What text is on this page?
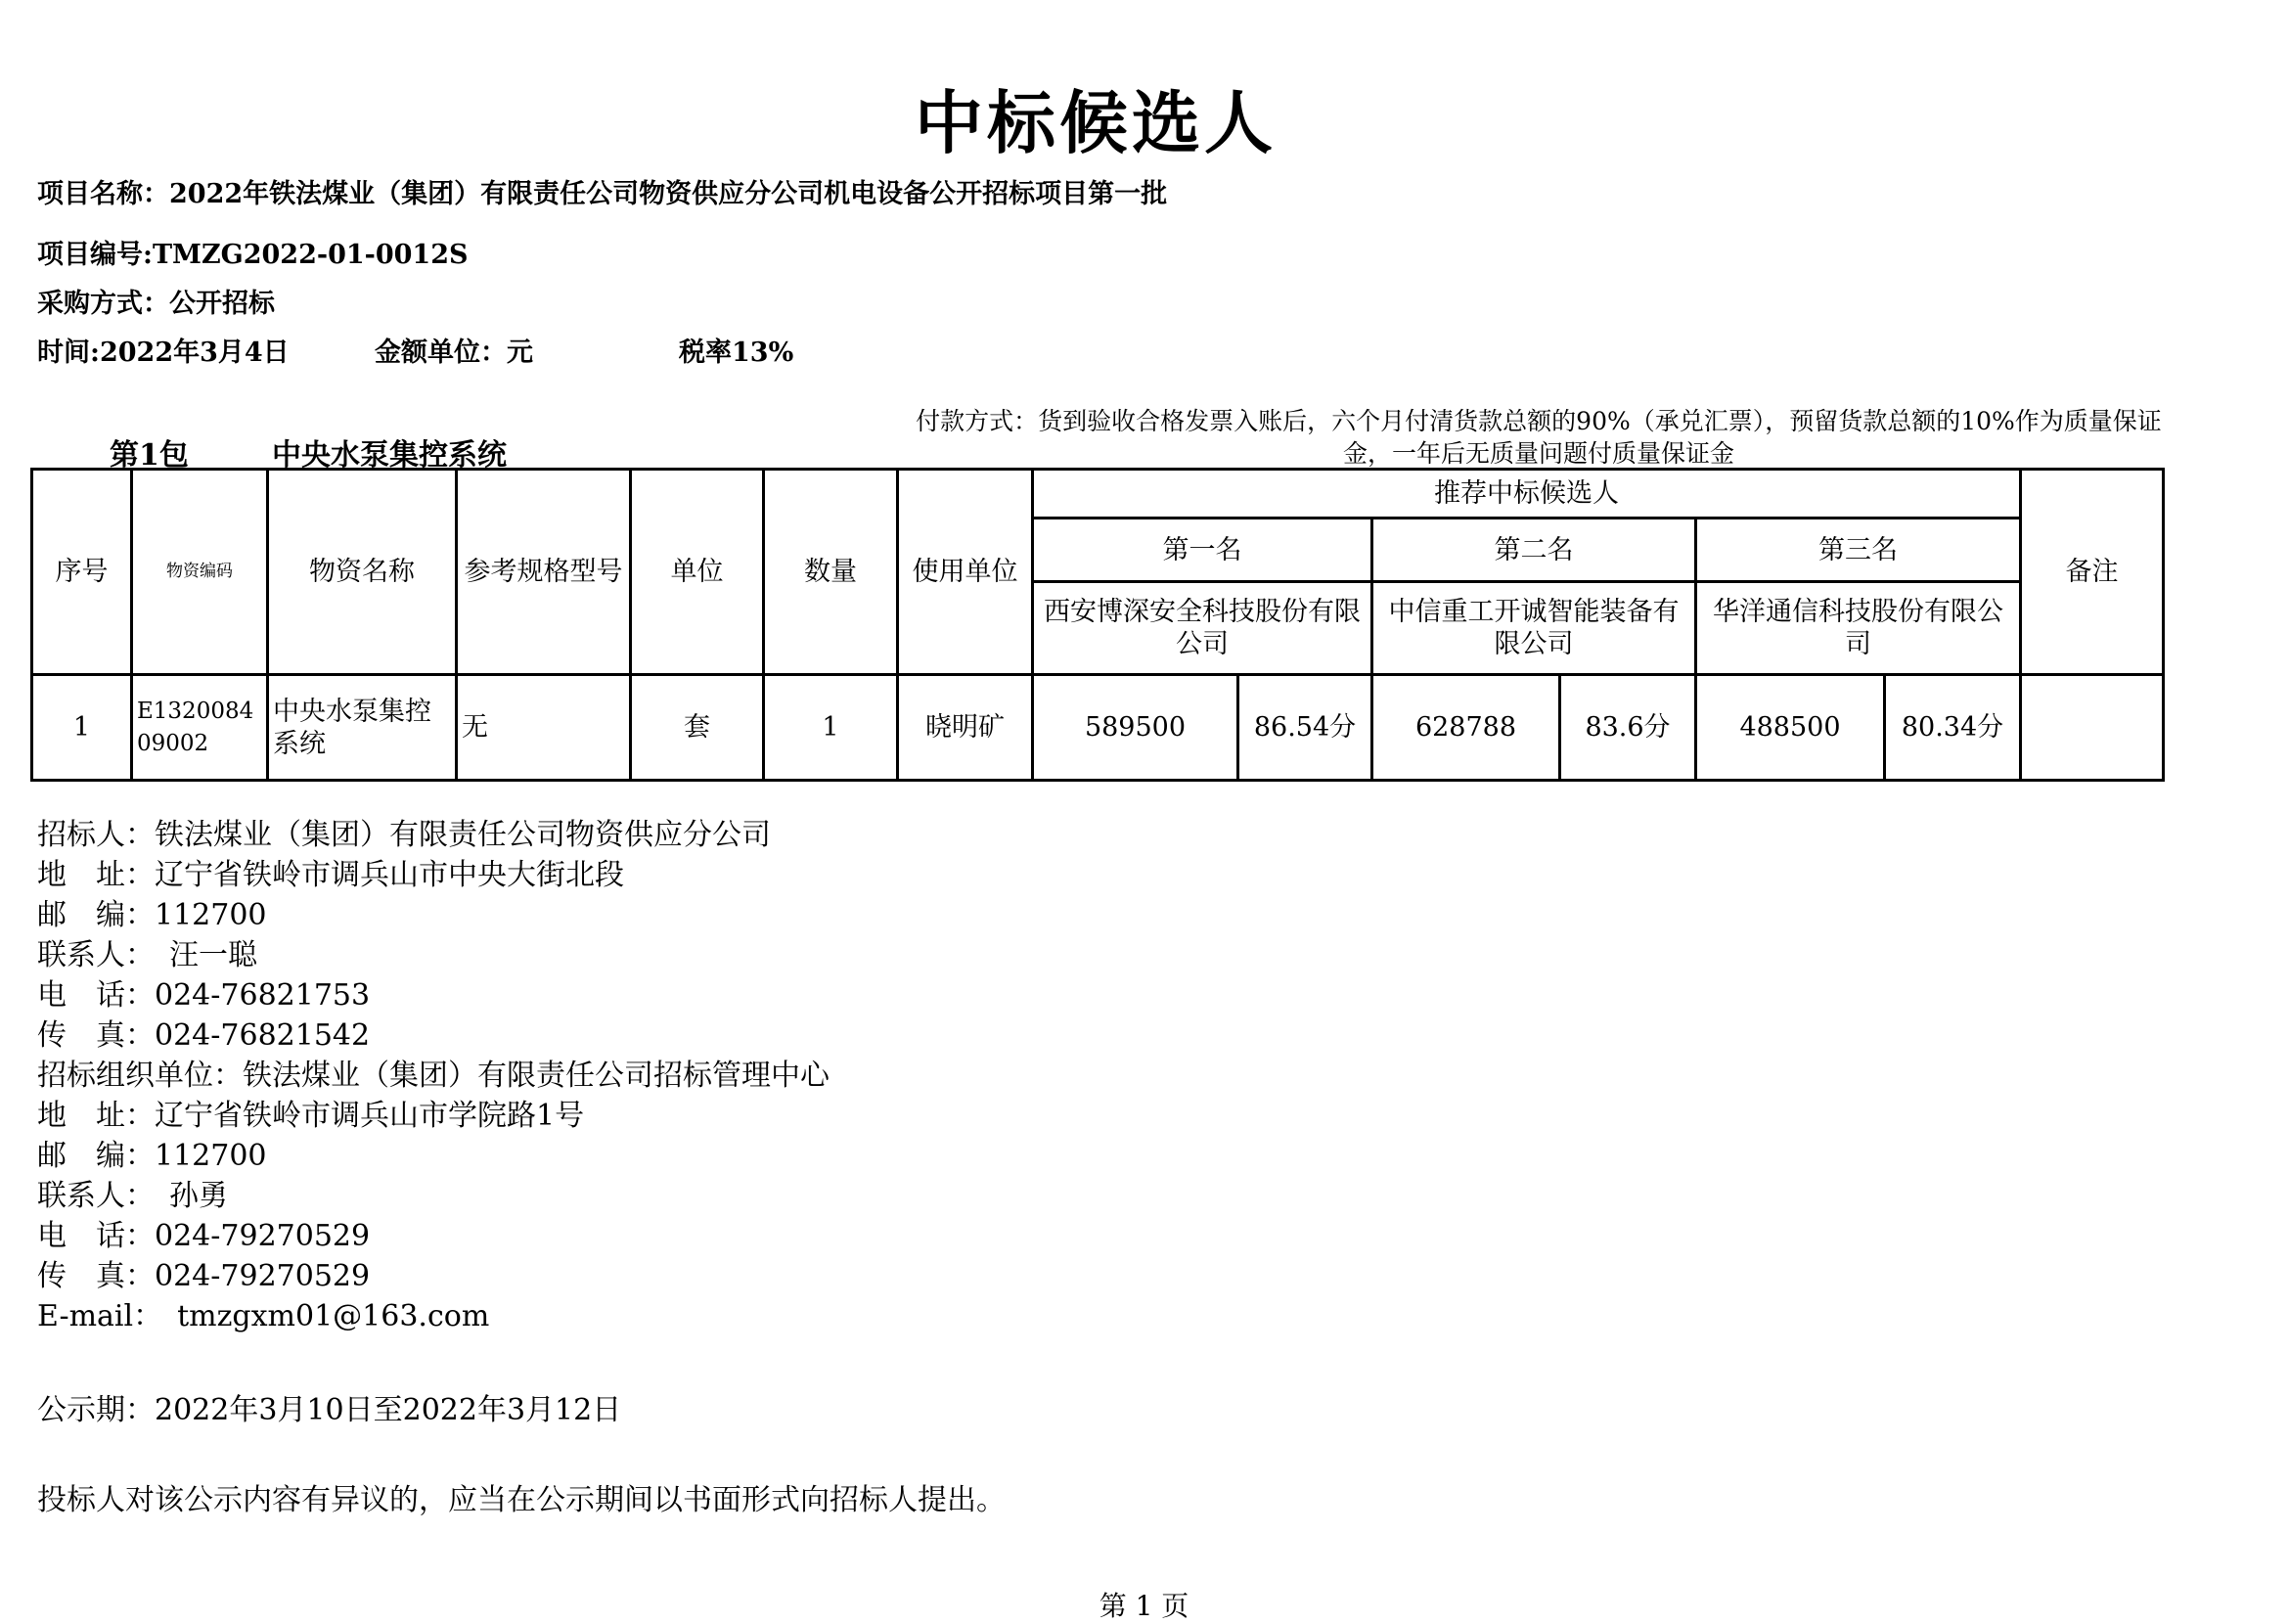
中标候选人
项目名称：2022年铁法煤业（集团）有限责任公司物资供应分公司机电设备公开招标项目第一批
项目编号:TMZG2022-01-0012S
采购方式：公开招标
时间:2022年3月4日	金额单位：元	税率13%
付款方式：货到验收合格发票入账后，六个月付清货款总额的90%（承兑汇票），预留货款总额的10%作为质量保证金，一年后无质量问题付质量保证金
第1包	中央水泵集控系统
序号	物资编码	物资名称	参考规格型号	单位	数量	使用单位	推荐中标候选人						备注
							第一名		第二名		第三名		
							西安博深安全科技股份有限公司		中信重工开诚智能装备有限公司		华洋通信科技股份有限公司		
1	E132008409002	中央水泵集控系统	无	套	1	晓明矿	589500	86.54分	628788	83.6分	488500	80.34分	
招标人：铁法煤业（集团）有限责任公司物资供应分公司
地　址：辽宁省铁岭市调兵山市中央大街北段
邮　编：112700
联系人：　汪一聪
电　话：024-76821753
传　真：024-76821542
招标组织单位：铁法煤业（集团）有限责任公司招标管理中心
地　址：辽宁省铁岭市调兵山市学院路1号
邮　编：112700
联系人：　孙勇
电　话：024-79270529
传　真：024-79270529
E-mail：　tmzgxm01@163.com
公示期：2022年3月10日至2022年3月12日
投标人对该公示内容有异议的，应当在公示期间以书面形式向招标人提出。
第 1 页
